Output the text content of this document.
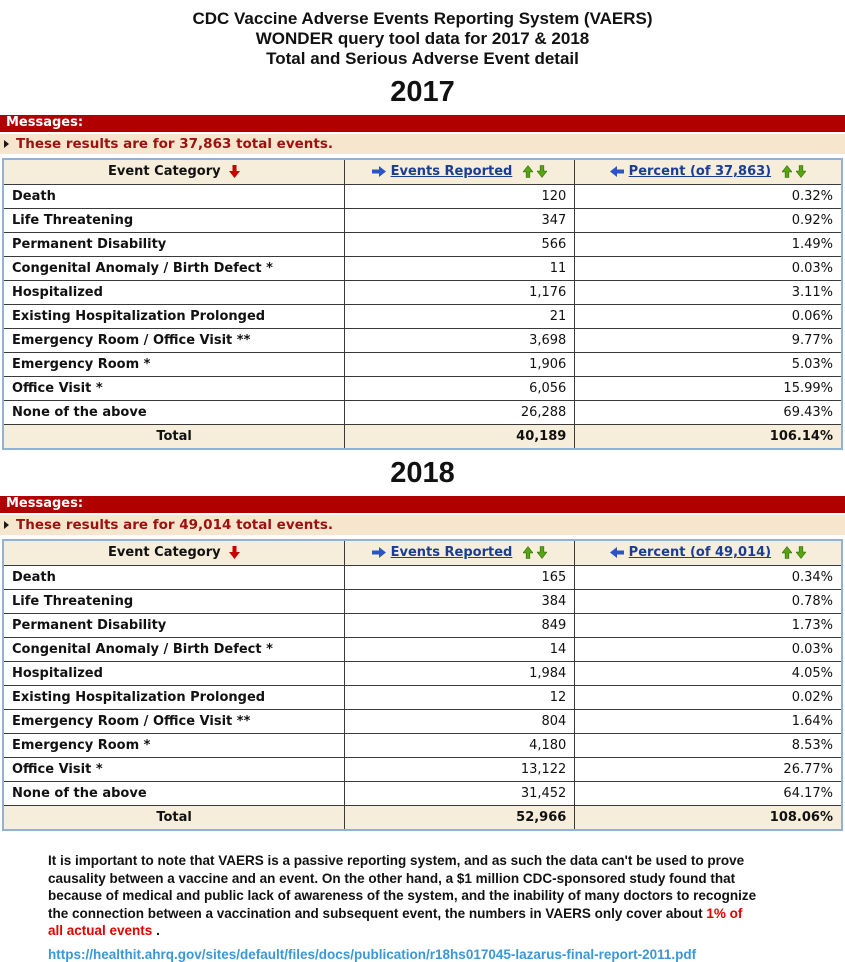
CDC Vaccine Adverse Events Reporting System (VAERS)
WONDER query tool data for 2017 & 2018
Total and Serious Adverse Event detail
2017
Messages:
These results are for 37,863 total events.
Event Category	Events Reported	Percent (of 37,863)
Death	120	0.32%
Life Threatening	347	0.92%
Permanent Disability	566	1.49%
Congenital Anomaly / Birth Defect *	11	0.03%
Hospitalized	1,176	3.11%
Existing Hospitalization Prolonged	21	0.06%
Emergency Room / Office Visit **	3,698	9.77%
Emergency Room *	1,906	5.03%
Office Visit *	6,056	15.99%
None of the above	26,288	69.43%
Total	40,189	106.14%
2018
Messages:
These results are for 49,014 total events.
Event Category	Events Reported	Percent (of 49,014)
Death	165	0.34%
Life Threatening	384	0.78%
Permanent Disability	849	1.73%
Congenital Anomaly / Birth Defect *	14	0.03%
Hospitalized	1,984	4.05%
Existing Hospitalization Prolonged	12	0.02%
Emergency Room / Office Visit **	804	1.64%
Emergency Room *	4,180	8.53%
Office Visit *	13,122	26.77%
None of the above	31,452	64.17%
Total	52,966	108.06%
It is important to note that VAERS is a passive reporting system, and as such the data can't be used to prove causality between a vaccine and an event. On the other hand, a $1 million CDC-sponsored study found that because of medical and public lack of awareness of the system, and the inability of many doctors to recognize the connection between a vaccination and subsequent event, the numbers in VAERS only cover about 1% of all actual events .
https://healthit.ahrq.gov/sites/default/files/docs/publication/r18hs017045-lazarus-final-report-2011.pdf
